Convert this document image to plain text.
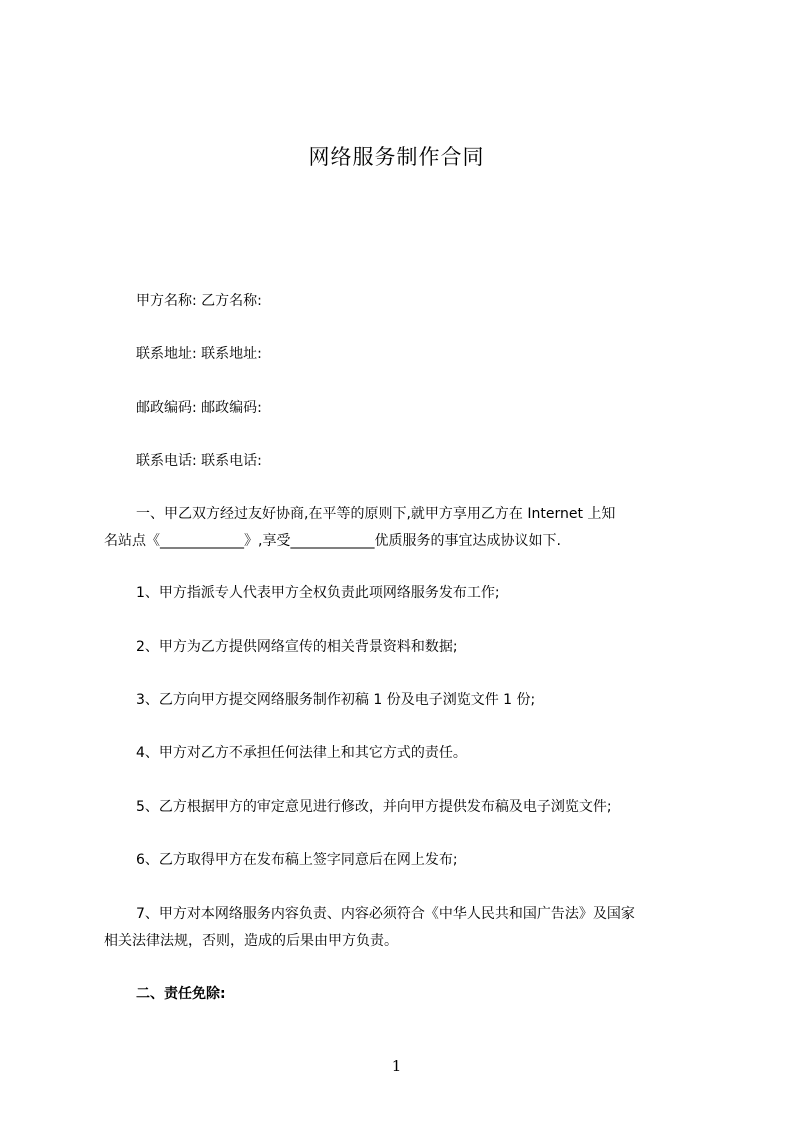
网络服务制作合同
甲方名称: 乙方名称:
联系地址: 联系地址:
邮政编码: 邮政编码:
联系电话: 联系电话:
一、甲乙双方经过友好协商,在平等的原则下,就甲方享用乙方在 Internet 上知
名站点《____________》,享受____________优质服务的事宜达成协议如下.
1、甲方指派专人代表甲方全权负责此项网络服务发布工作;
2、甲方为乙方提供网络宣传的相关背景资料和数据;
3、乙方向甲方提交网络服务制作初稿 1 份及电子浏览文件 1 份;
4、甲方对乙方不承担任何法律上和其它方式的责任。
5、乙方根据甲方的审定意见进行修改，并向甲方提供发布稿及电子浏览文件;
6、乙方取得甲方在发布稿上签字同意后在网上发布;
7、甲方对本网络服务内容负责、内容必须符合《中华人民共和国广告法》及国家
相关法律法规，否则，造成的后果由甲方负责。
二、责任免除:
1
